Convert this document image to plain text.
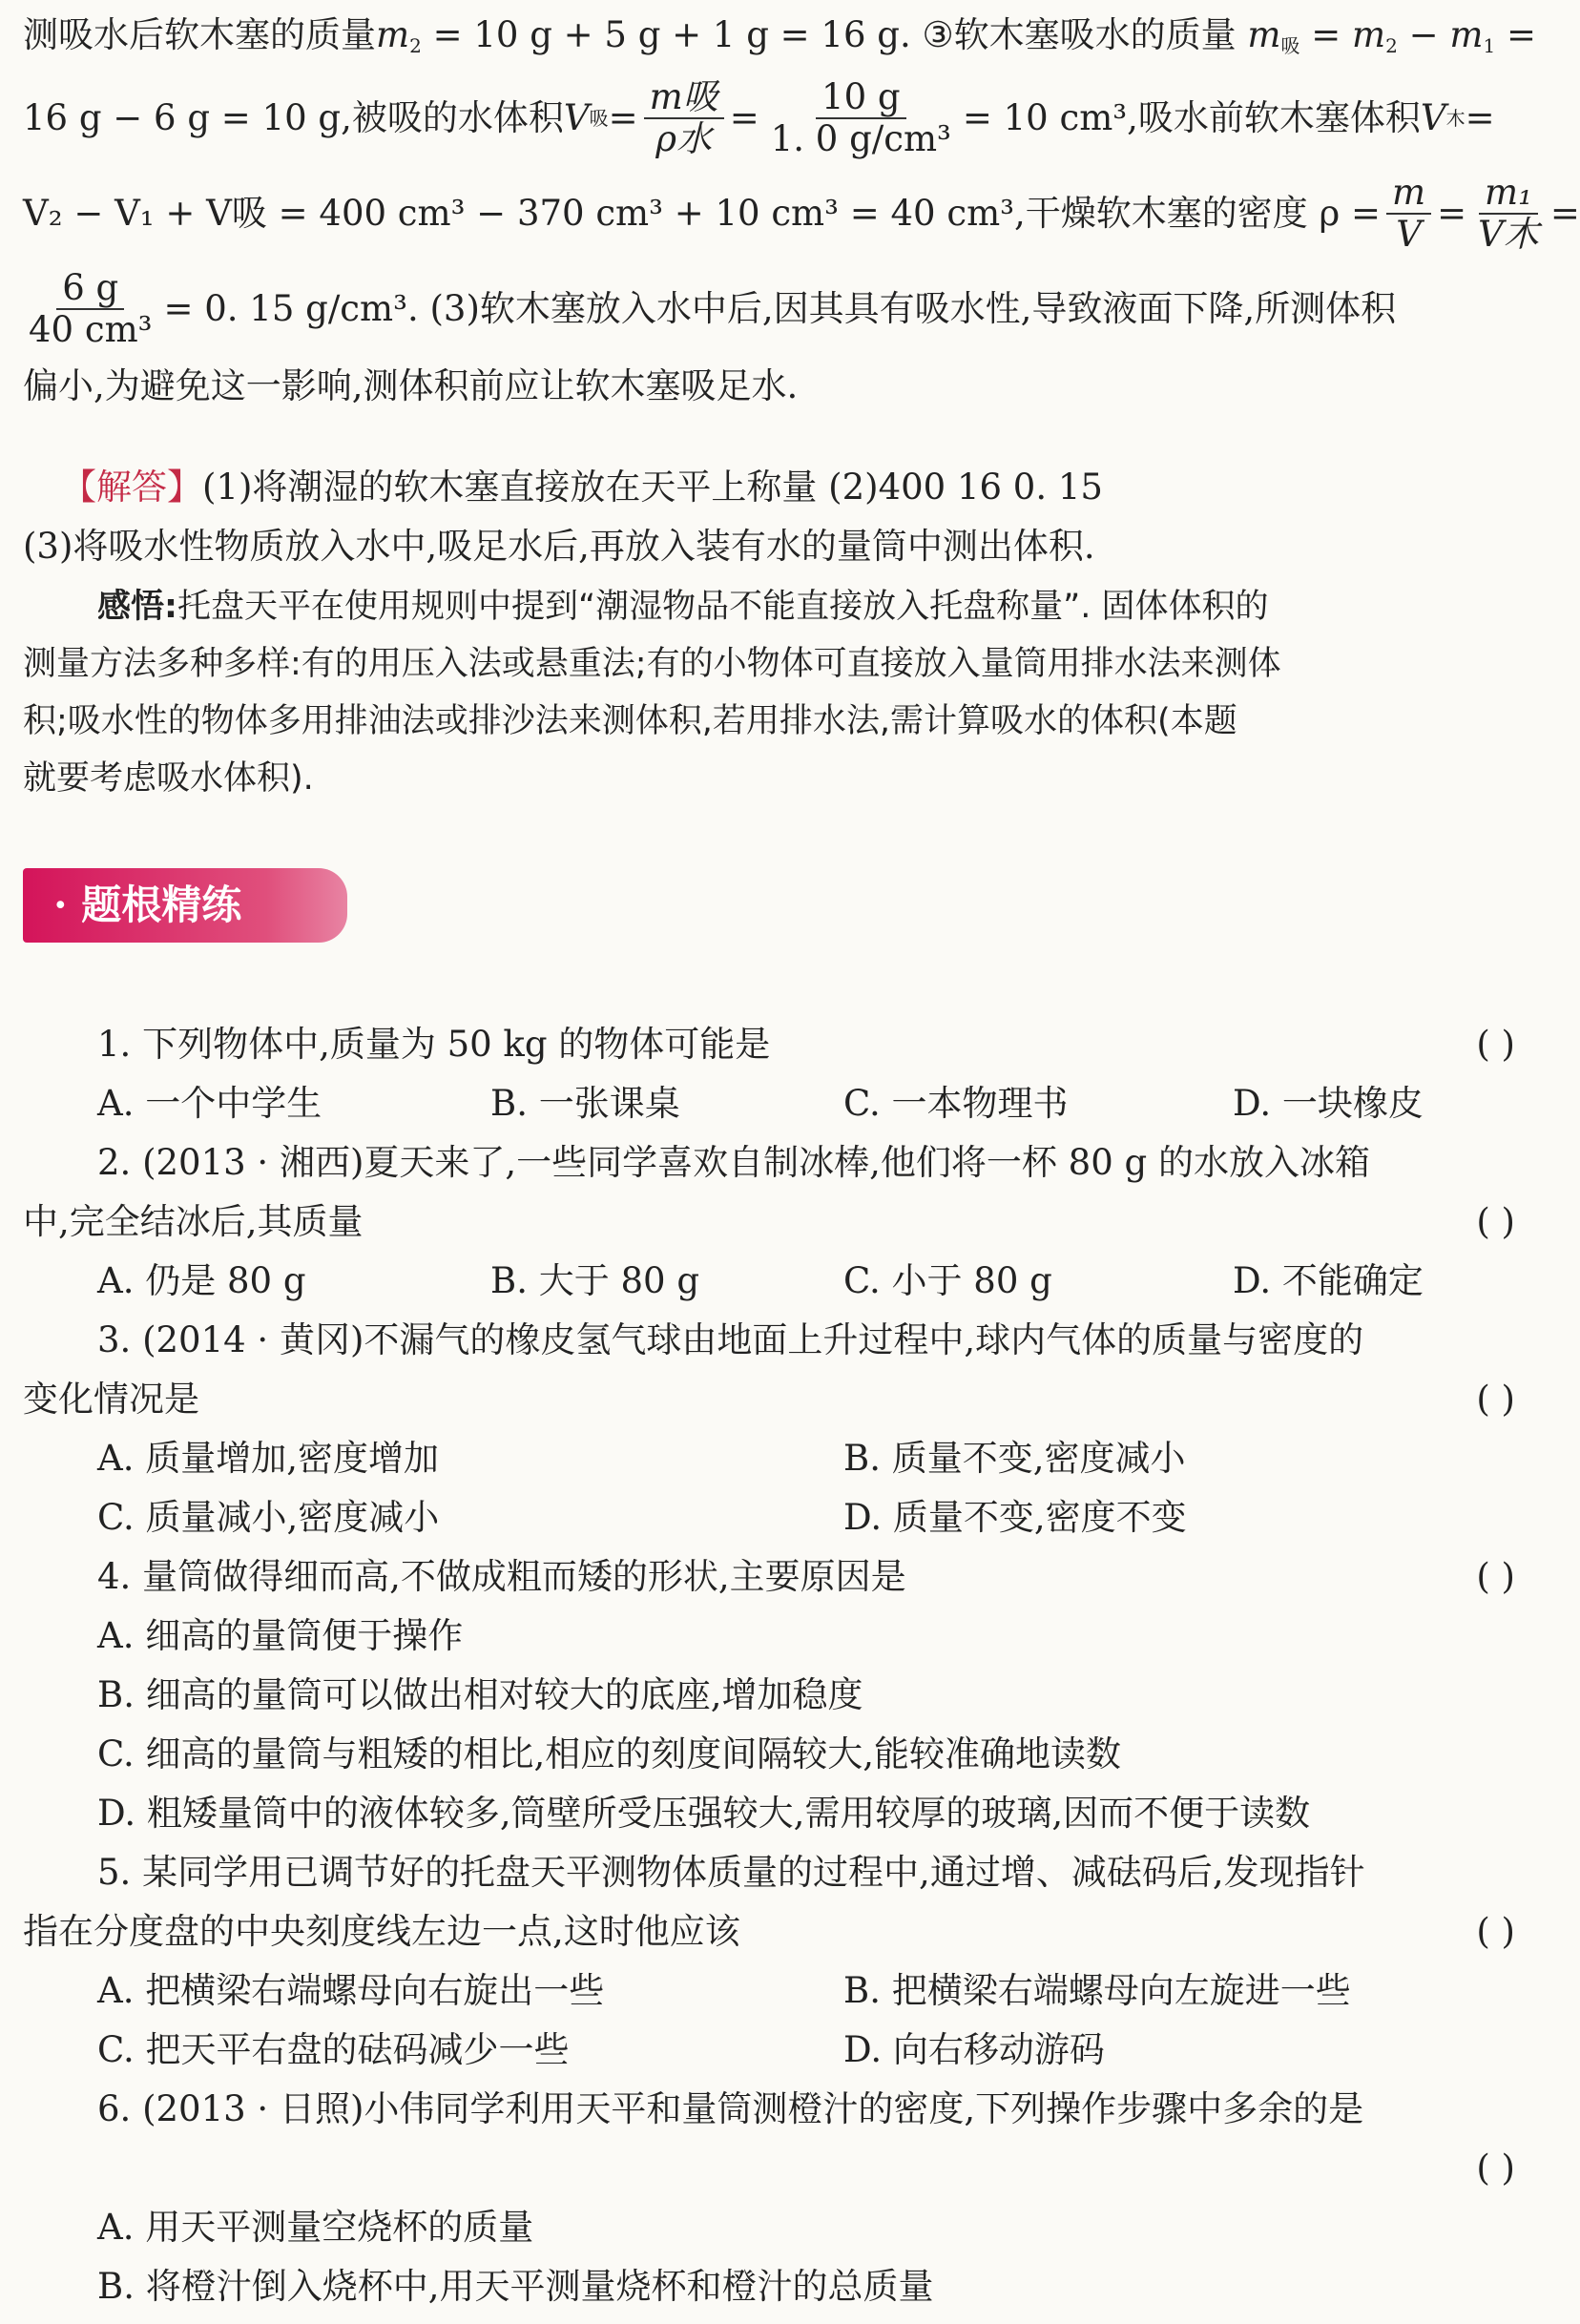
测吸水后软木塞的质量$m_2 = 10$ g + 5 g + 1 g = 16 g. ③软木塞吸水的质量 $m_吸 = m_2 - m_1$ =
16 g − 6 g = 10 g,被吸的水体积 V 吸 = $\frac{\text{m吸}}{\text{ρ水}} = \frac{10 g}{\text{1. 0 g/cm³}} = 10$ cm³,吸水前软木塞体积 V 木 =
V₂ − V₁ + V吸 = 400 cm³ − 370 cm³ + 10 cm³ = 40 cm³,干燥软木塞的密度 $\rho = \frac{m}{V} = \frac{\text{m₁}}{\text{V木}}$ =
$\frac{6 g}{\text{40 cm³}} = 0$. 15 g/cm³. (3)软木塞放入水中后,因其具有吸水性,导致液面下降,所测体积
偏小,为避免这一影响,测体积前应让软木塞吸足水.
【解答】(1)将潮湿的软木塞直接放在天平上称量 (2)400 16 0. 15
(3)将吸水性物质放入水中,吸足水后,再放入装有水的量筒中测出体积.
感悟:托盘天平在使用规则中提到“潮湿物品不能直接放入托盘称量”. 固体体积的
测量方法多种多样:有的用压入法或悬重法;有的小物体可直接放入量筒用排水法来测体
积;吸水性的物体多用排油法或排沙法来测体积,若用排水法,需计算吸水的体积(本题
就要考虑吸水体积).
· 题根精练
1. 下列物体中,质量为 50 kg 的物体可能是	( )
A. 一个中学生	B. 一张课桌	C. 一本物理书	D. 一块橡皮
2. (2013 · 湘西)夏天来了,一些同学喜欢自制冰棒,他们将一杯 80 g 的水放入冰箱
中,完全结冰后,其质量	( )
A. 仍是 80 g	B. 大于 80 g	C. 小于 80 g	D. 不能确定
3. (2014 · 黄冈)不漏气的橡皮氢气球由地面上升过程中,球内气体的质量与密度的
变化情况是	( )
A. 质量增加,密度增加	B. 质量不变,密度减小
C. 质量减小,密度减小	D. 质量不变,密度不变
4. 量筒做得细而高,不做成粗而矮的形状,主要原因是	( )
A. 细高的量筒便于操作
B. 细高的量筒可以做出相对较大的底座,增加稳度
C. 细高的量筒与粗矮的相比,相应的刻度间隔较大,能较准确地读数
D. 粗矮量筒中的液体较多,筒壁所受压强较大,需用较厚的玻璃,因而不便于读数
5. 某同学用已调节好的托盘天平测物体质量的过程中,通过增、减砝码后,发现指针
指在分度盘的中央刻度线左边一点,这时他应该	( )
A. 把横梁右端螺母向右旋出一些	B. 把横梁右端螺母向左旋进一些
C. 把天平右盘的砝码减少一些	D. 向右移动游码
6. (2013 · 日照)小伟同学利用天平和量筒测橙汁的密度,下列操作步骤中多余的是
( )
A. 用天平测量空烧杯的质量
B. 将橙汁倒入烧杯中,用天平测量烧杯和橙汁的总质量
